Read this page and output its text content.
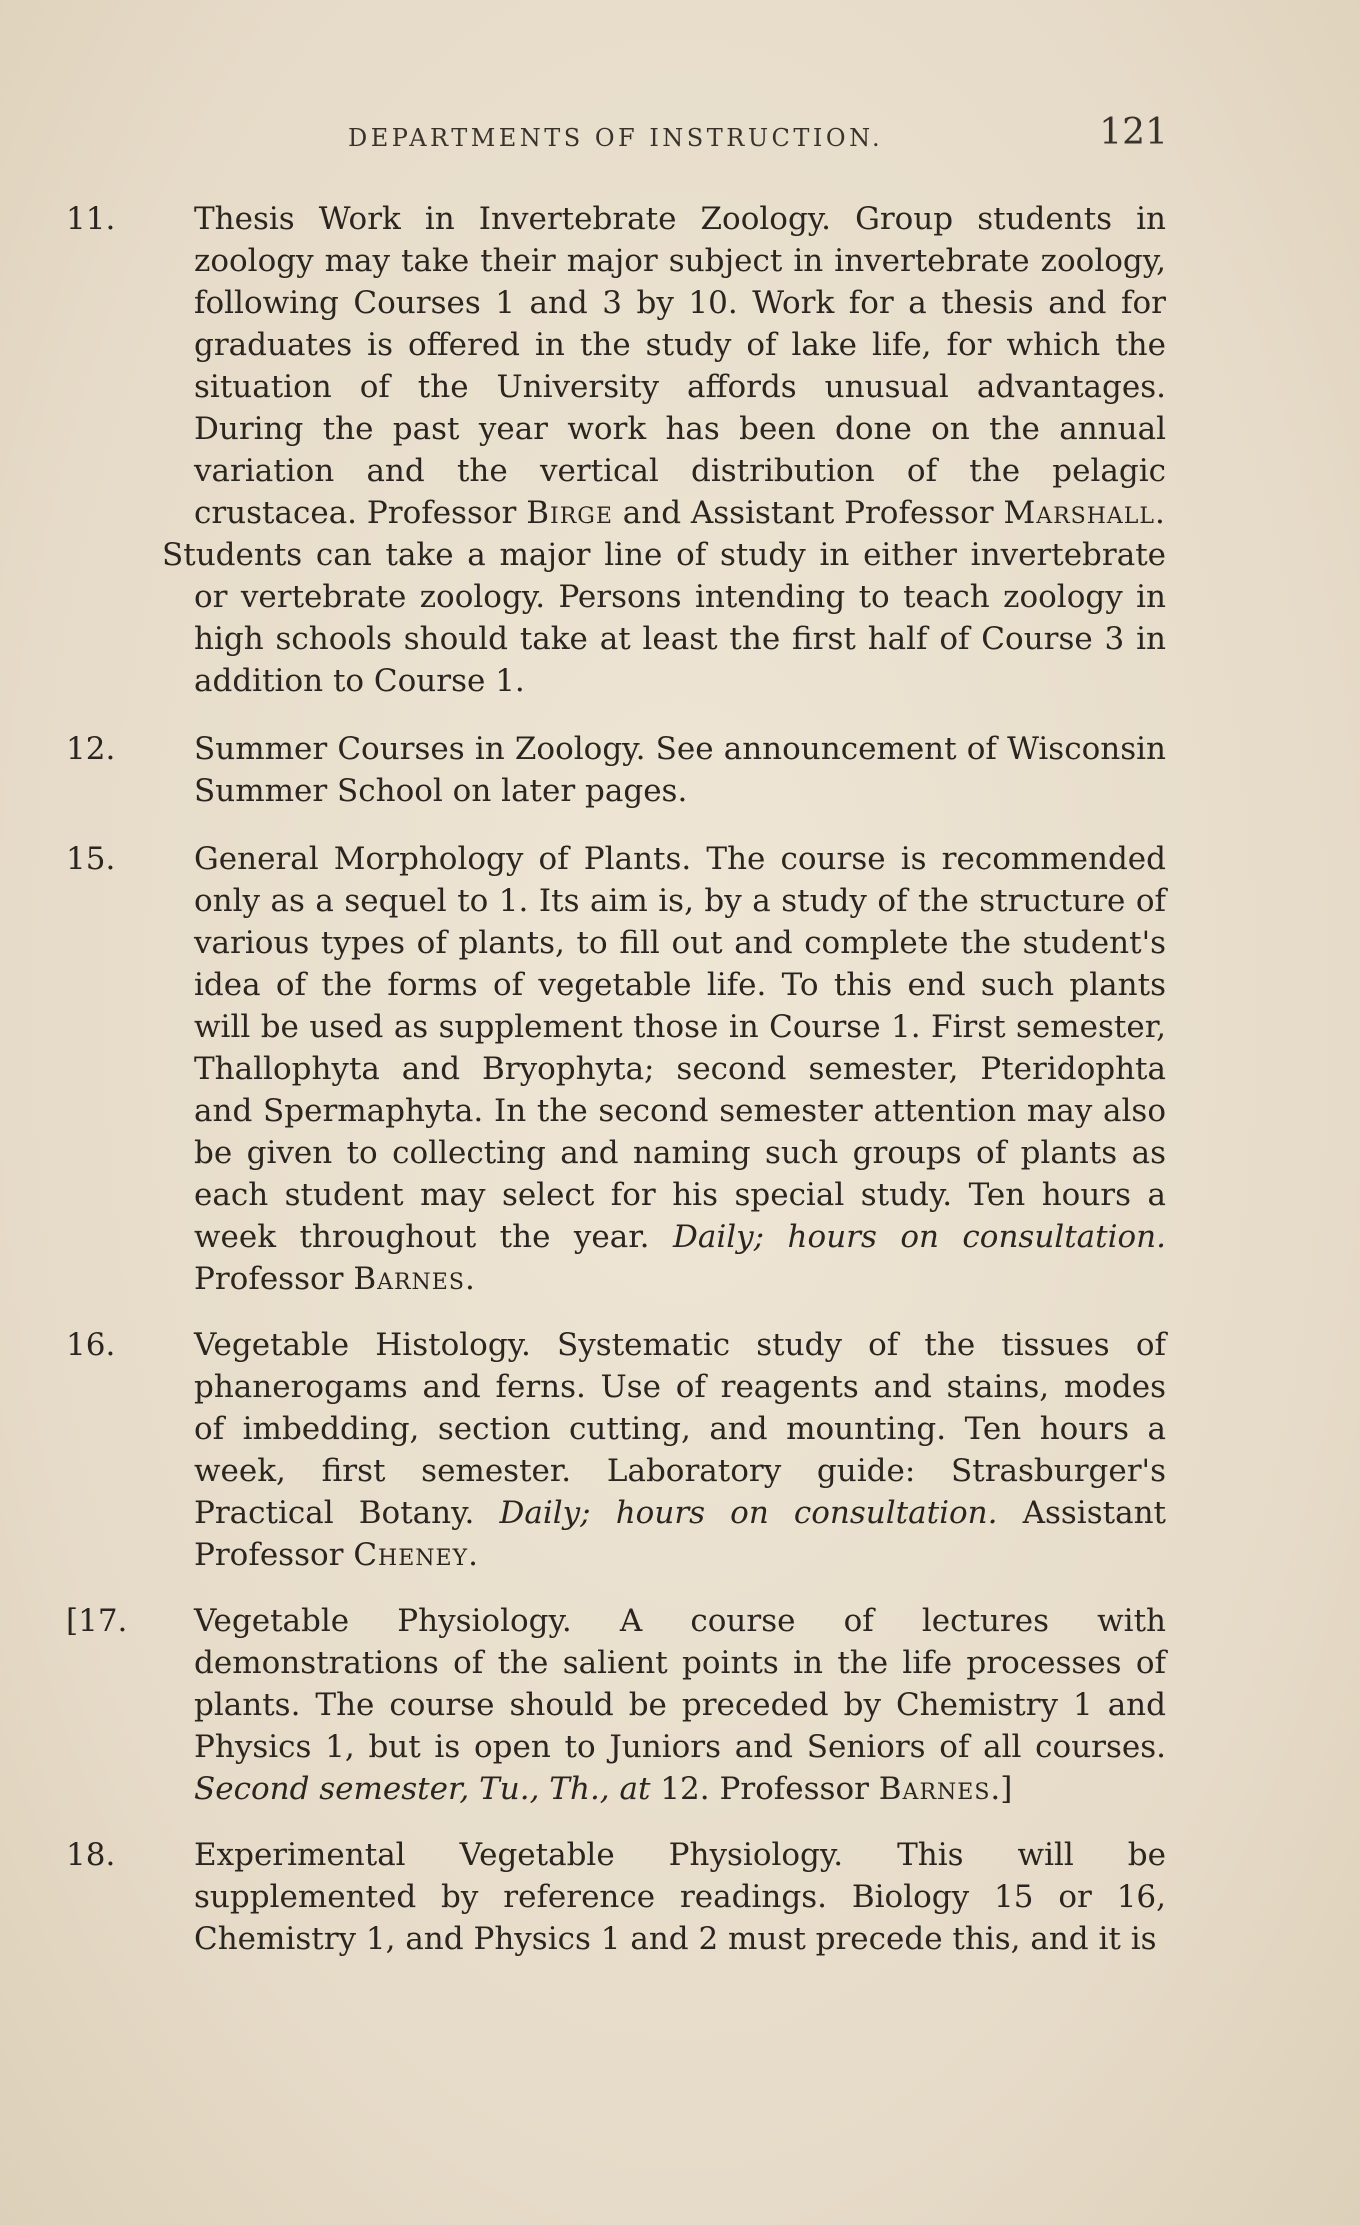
DEPARTMENTS OF INSTRUCTION.	121
11.	Thesis Work in Invertebrate Zoology. Group students in zoology may take their major subject in invertebrate zoology, following Courses 1 and 3 by 10. Work for a thesis and for graduates is offered in the study of lake life, for which the situation of the University affords unusual advantages. During the past year work has been done on the annual variation and the vertical distribution of the pelagic crustacea. Professor Birge and Assistant Professor Marshall.
Students can take a major line of study in either invertebrate or vertebrate zoology. Persons intending to teach zoology in high schools should take at least the first half of Course 3 in addition to Course 1.
12.	Summer Courses in Zoology. See announcement of Wisconsin Summer School on later pages.
15.	General Morphology of Plants. The course is recommended only as a sequel to 1. Its aim is, by a study of the structure of various types of plants, to fill out and complete the student's idea of the forms of vegetable life. To this end such plants will be used as supplement those in Course 1. First semester, Thallophyta and Bryophyta; second semester, Pteridophta and Spermaphyta. In the second semester attention may also be given to collecting and naming such groups of plants as each student may select for his special study. Ten hours a week throughout the year. Daily; hours on consultation. Professor Barnes.
16.	Vegetable Histology. Systematic study of the tissues of phanerogams and ferns. Use of reagents and stains, modes of imbedding, section cutting, and mounting. Ten hours a week, first semester. Laboratory guide: Strasburger's Practical Botany. Daily; hours on consultation. Assistant Professor Cheney.
[17. Vegetable Physiology. A course of lectures with demonstrations of the salient points in the life processes of plants. The course should be preceded by Chemistry 1 and Physics 1, but is open to Juniors and Seniors of all courses. Second semester, Tu., Th., at 12. Professor Barnes.]
18.	Experimental Vegetable Physiology. This will be supplemented by reference readings. Biology 15 or 16, Chemistry 1, and Physics 1 and 2 must precede this, and it is
